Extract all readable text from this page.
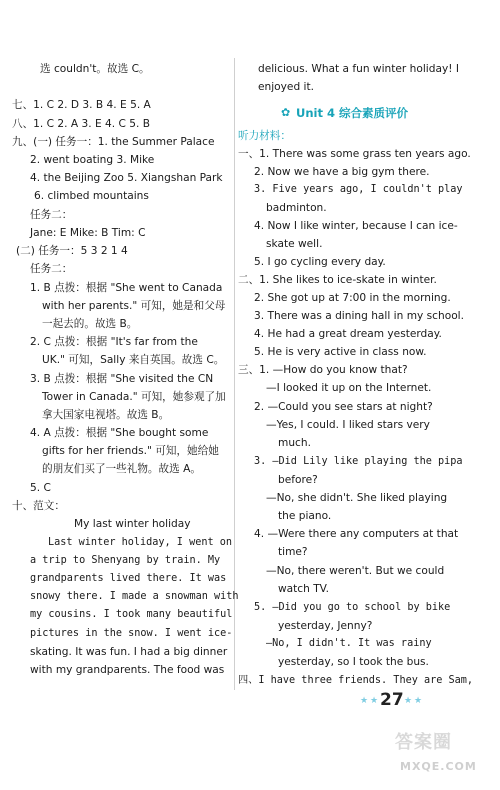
选 couldn't。故选 C。
七、1. C 2. D 3. B 4. E 5. A
八、1. C 2. A 3. E 4. C 5. B
九、(一) 任务一：1. the Summer Palace
2. went boating 3. Mike
4. the Beijing Zoo 5. Xiangshan Park
6. climbed mountains
任务二：
Jane: E Mike: B Tim: C
(二) 任务一：5 3 2 1 4
任务二：
1. B 点拨：根据 "She went to Canada
with her parents." 可知，她是和父母
一起去的。故选 B。
2. C 点拨：根据 "It's far from the
UK." 可知，Sally 来自英国。故选 C。
3. B 点拨：根据 "She visited the CN
Tower in Canada." 可知，她参观了加
拿大国家电视塔。故选 B。
4. A 点拨：根据 "She bought some
gifts for her friends." 可知，她给她
的朋友们买了一些礼物。故选 A。
5. C
十、范文：
My last winter holiday
Last winter holiday, I went on
a trip to Shenyang by train. My
grandparents lived there. It was
snowy there. I made a snowman with
my cousins. I took many beautiful
pictures in the snow. I went ice-
skating. It was fun. I had a big dinner
with my grandparents. The food was
delicious. What a fun winter holiday! I
enjoyed it.
Unit 4 综合素质评价
听力材料：
一、1. There was some grass ten years ago.
2. Now we have a big gym there.
3. Five years ago, I couldn't play
badminton.
4. Now I like winter, because I can ice-
skate well.
5. I go cycling every day.
二、1. She likes to ice-skate in winter.
2. She got up at 7:00 in the morning.
3. There was a dining hall in my school.
4. He had a great dream yesterday.
5. He is very active in class now.
三、1. —How do you know that?
—I looked it up on the Internet.
2. —Could you see stars at night?
—Yes, I could. I liked stars very
much.
3. —Did Lily like playing the pipa
before?
—No, she didn't. She liked playing
the piano.
4. —Were there any computers at that
time?
—No, there weren't. But we could
watch TV.
5. —Did you go to school by bike
yesterday, Jenny?
—No, I didn't. It was rainy
yesterday, so I took the bus.
四、I have three friends. They are Sam,
✿
★ ★ 27 ★ ★
答案圈
MXQE.COM
